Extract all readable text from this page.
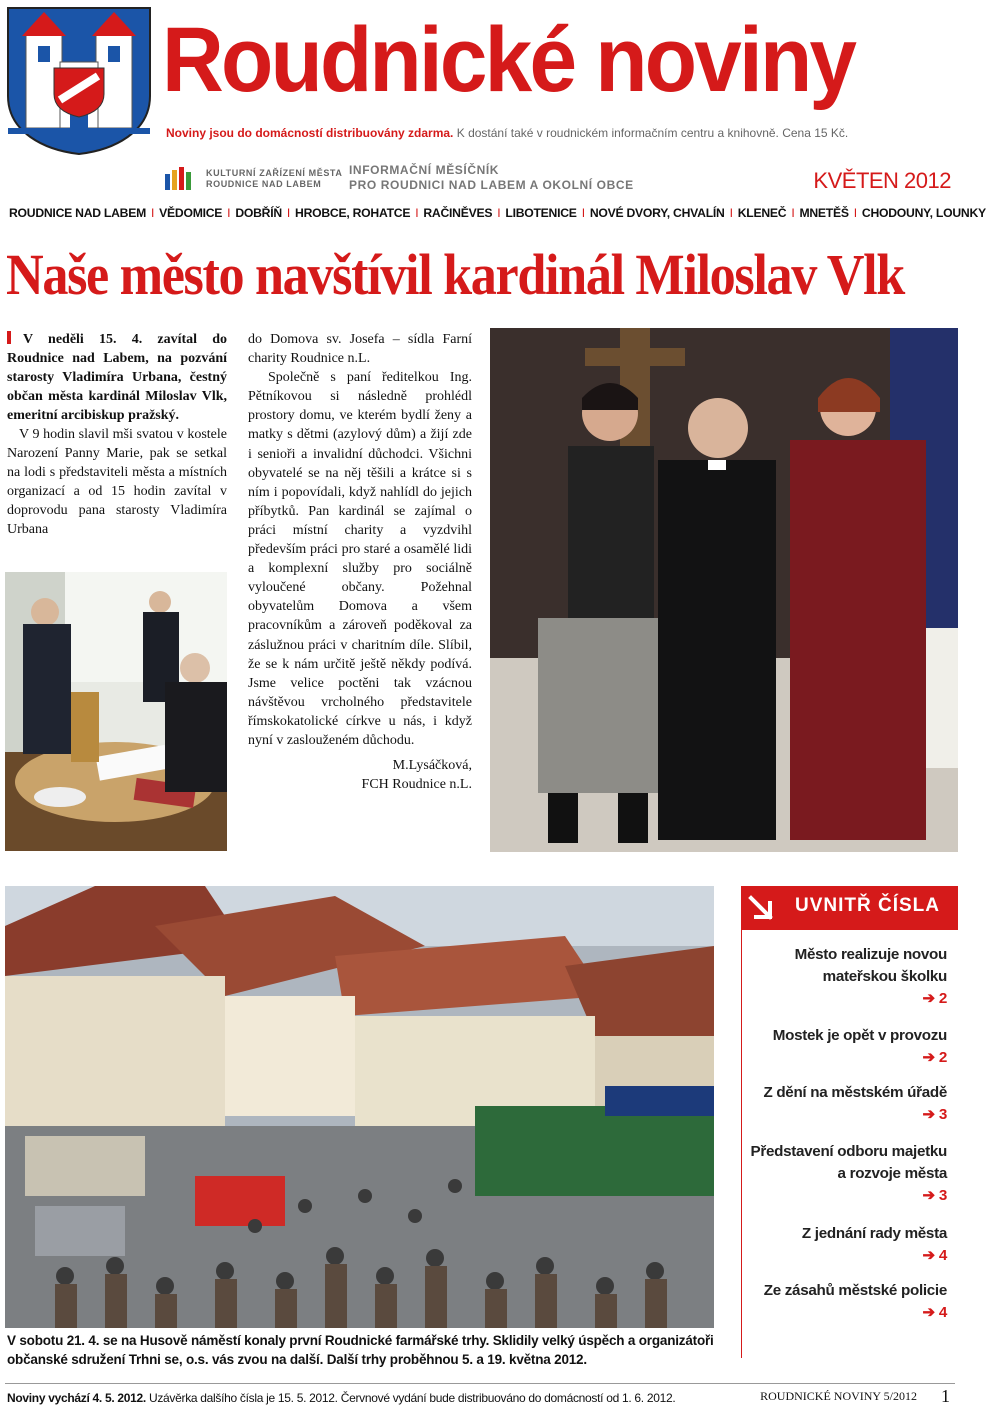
Roudnické noviny
Noviny jsou do domácností distribuovány zdarma. K dostání také v roudnickém informačním centru a knihovně. Cena 15 Kč.
KULTURNÍ ZAŘÍZENÍ MĚSTA
ROUDNICE NAD LABEM
INFORMAČNÍ MĚSÍČNÍK
PRO ROUDNICI NAD LABEM A OKOLNÍ OBCE	KVĚTEN 2012
ROUDNICE NAD LABEM I VĚDOMICE I DOBŘÍŇ I HROBCE, ROHATCE I RAČINĚVES I LIBOTENICE I NOVÉ DVORY, CHVALÍN I KLENEČ I MNETĚŠ I CHODOUNY, LOUNKY
Naše město navštívil kardinál Miloslav Vlk
V neděli 15. 4. zavítal do Roudnice nad Labem, na pozvání starosty Vladimíra Urbana, čestný občan města kardinál Miloslav Vlk, emeritní arcibiskup pražský.

V 9 hodin slavil mši svatou v kostele Narození Panny Marie, pak se setkal na lodi s představiteli města a místních organizací a od 15 hodin zavítal v doprovodu pana starosty Vladimíra Urbana

do Domova sv. Josefa – sídla Farní charity Roudnice n.L.

Společně s paní ředitelkou Ing. Pětníkovou si následně prohlédl prostory domu, ve kterém bydlí ženy a matky s dětmi (azylový dům) a žijí zde i senioři a invalidní důchodci. Všichni obyvatelé se na něj těšili a krátce si s ním i popovídali, když nahlídl do jejich příbytků. Pan kardinál se zajímal o práci místní charity a vyzdvihl především práci pro staré a osamělé lidi a komplexní služby pro sociálně vyloučené občany. Požehnal obyvatelům Domova a všem pracovníkům a zároveň poděkoval za záslužnou práci v charitním díle. Slíbil, že se k nám určitě ještě někdy podívá. Jsme velice poctěni tak vzácnou návštěvou vrcholného představitele římskokatolické církve u nás, i když nyní v zaslouženém důchodu.

M.Lysáčková,
FCH Roudnice n.L.
V sobotu 21. 4. se na Husově náměstí konaly první Roudnické farmářské trhy. Sklidily velký úspěch a organizátoři občanské sdružení Trhni se, o.s. vás zvou na další. Další trhy proběhnou 5. a 19. května 2012.
UVNITŘ ČÍSLA
Město realizuje novou mateřskou školku
➔ 2
Mostek je opět v provozu
➔ 2
Z dění na městském úřadě
➔ 3
Představení odboru majetku a rozvoje města
➔ 3
Z jednání rady města
➔ 4
Ze zásahů městské policie
➔ 4
Noviny vychází 4. 5. 2012. Uzávěrka dalšího čísla je 15. 5. 2012. Červnové vydání bude distribuováno do domácností od 1. 6. 2012.	ROUDNICKÉ NOVINY 5/2012 1
